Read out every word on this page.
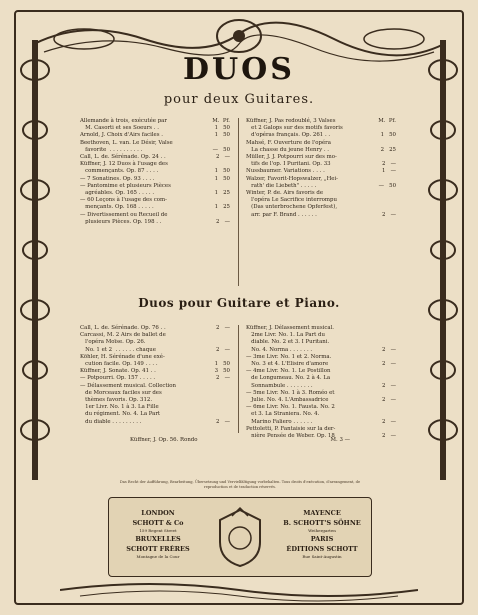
DUOS
pour deux Guitares.
Allemande à trois, exécutée par	M.  Pf.
M. Casorti et ses Soeurs . .	1   50
Arnold, J. Choix d'Airs faciles .	1   50
Beethoven, L. van. Le Désir, Valse
favorite  . . . . . . . . . .	—   50
Call, L. de. Sérénade. Op. 24 . .	2   —
Küffner, J. 12 Duos à l'usage des
commençants. Op. 87 . . . .	1   50
— 7 Sonatines. Op. 93 . . . .	1   50
— Pantomime et plusieurs Pièces
agréables. Op. 165 . . . . .	1   25
— 60 Leçons à l'usage des com-
mençants. Op. 168 . . . . .	1   25
— Divertissement ou Recueil de
plusieurs Pièces. Op. 198 . .	2   —
Küffner, J. Pas redoublé, 3 Valses	M.  Pf.
et 2 Galops sur des motifs favoris
d'opéras français. Op. 261 . .	1   50
Mahsé, F. Ouverture de l'opéra
La chasse du jeune Henry . .	2   25
Müller, J. J. Potpourri sur des mo-
tifs de l'op. I Puritani. Op. 33	2   —
Nussbaumer. Variations . . . .	1   —
Walzer, Favorit-Hopswalzer, „Hei-
rath' die Liebeth" . . . . .	—   50
Winter, P. de. Airs favoris de
l'opéra Le Sacrifice interrompu
(Das unterbrochene Opferfest),
arr. par F. Brand . . . . . .	2   —
Duos pour Guitare et Piano.
Call, L. de. Sérénade. Op. 76 . .	2   —
Carcassi, M. 2 Airs de ballet de
l'opéra Moïse. Op. 26.
No. 1 et 2  . . . . . . chaque	2   —
Köhler, H. Sérénade d'une exé-
cution facile. Op. 149 . . . .	1   50
Küffner, J. Sonate. Op. 41 . .	3   50
— Potpourri. Op. 157 . . . . .	2   —
— Délassement musical. Collection
de Morceaux faciles sur des
thèmes favoris. Op. 312.
1er Livr. No. 1 à 3. La Fille
du régiment. No. 4. La Part
du diable . . . . . . . . .	2   —
Küffner, J. Délassement musical.
2me Livr. No. 1. La Part du
diable. No. 2 et 3. I Puritani.
No. 4. Norma . . . . . . .	2   —
— 3me Livr. No. 1 et 2. Norma.
No. 3 et 4. L'Elisire d'amore	2   —
— 4me Livr. No. 1. Le Postillon
de Longumeau. No. 2 à 4. La
Sonnambule . . . . . . . .	2   —
— 5me Livr. No. 1 à 3. Roméo et
Julie. No. 4. L'Ambassadrice	2   —
— 6me Livr. No. 1. Fausta. No. 2
et 3. La Straniera. No. 4.
Marino Faliero . . . . . .	2   —
Pettoletti, P. Fantaisie sur la der-
nière Pensée de Weber. Op. 18	2   —
Küffner, J. Op. 56. Rondo	M. 3 —
Das Recht der Aufführung, Bearbeitung, Übersetzung und Vervielfältigung vorbehalten. Tous droits d'exécution, d'arrangement, de reproduction et de traduction réservés.
LONDON
SCHOTT & Co
159 Regent Street
BRUXELLES
SCHOTT FRÈRES
Montagne de la Cour
MAYENCE
B. SCHOTT'S SÖHNE
Weihergarten
PARIS
ÉDITIONS SCHOTT
Rue Saint-Augustin
